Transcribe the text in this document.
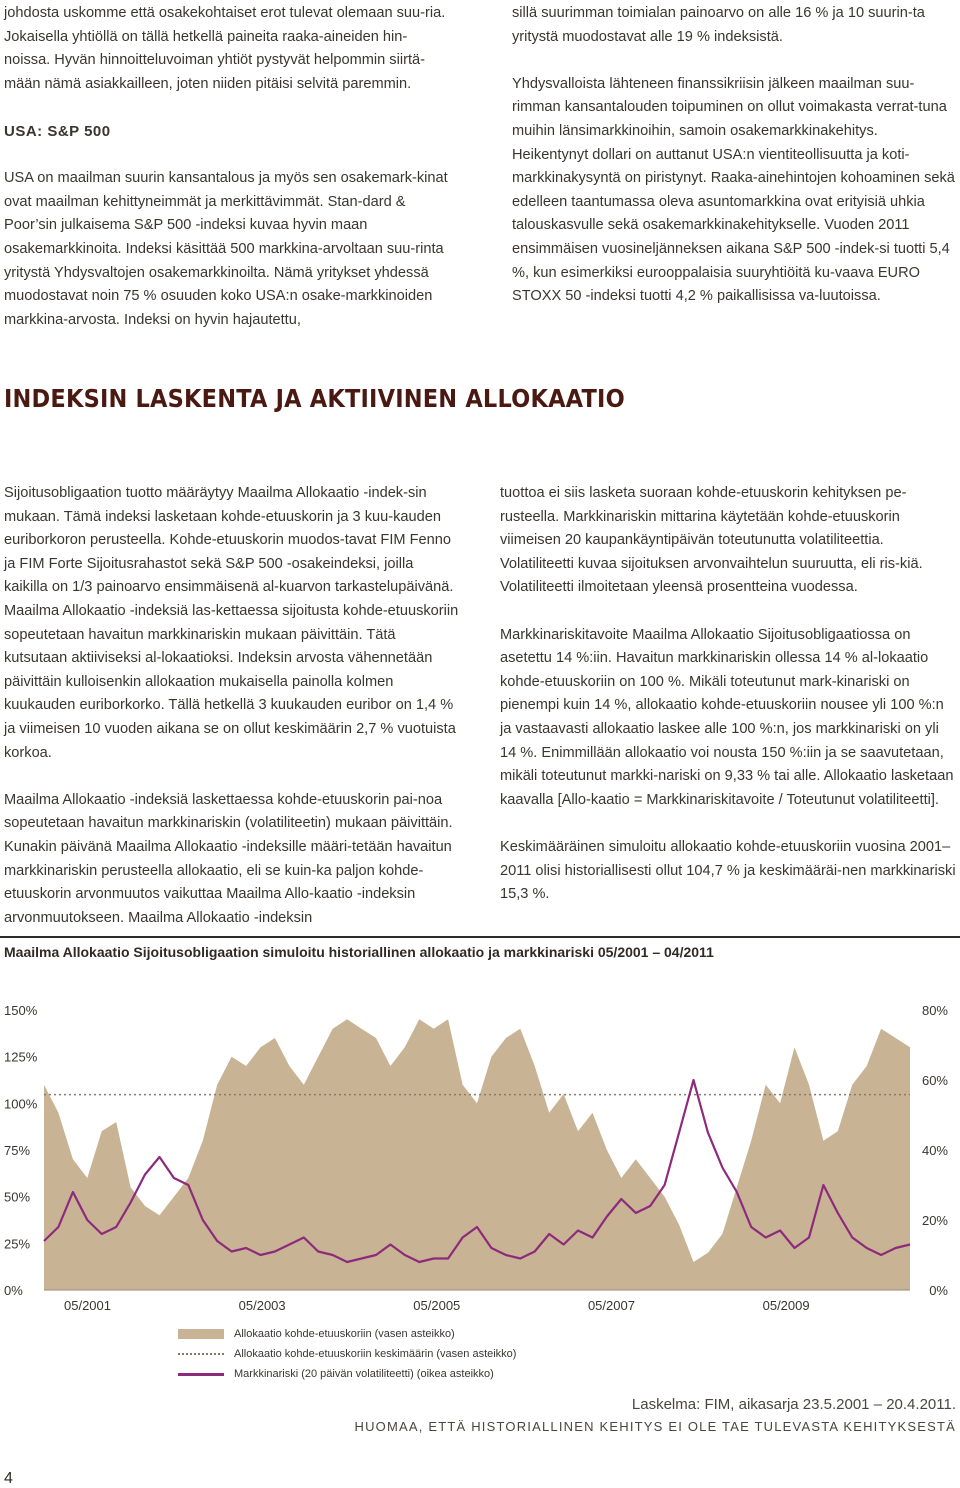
johdosta uskomme että osakekohtaiset erot tulevat olemaan suu-ria. Jokaisella yhtiöllä on tällä hetkellä paineita raaka-aineiden hin-noissa. Hyvän hinnoitteluvoiman yhtiöt pystyvät helpommin siirtä-mään nämä asiakkailleen, joten niiden pitäisi selvitä paremmin.

USA: S&P 500

USA on maailman suurin kansantalous ja myös sen osakemark-kinat ovat maailman kehittyneimmät ja merkittävimmät. Stan-dard & Poor’sin julkaisema S&P 500 -indeksi kuvaa hyvin maan osakemarkkinoita. Indeksi käsittää 500 markkina-arvoltaan suu-rinta yritystä Yhdysvaltojen osakemarkkinoilta. Nämä yritykset yhdessä muodostavat noin 75 % osuuden koko USA:n osake-markkinoiden markkina-arvosta. Indeksi on hyvin hajautettu,

sillä suurimman toimialan painoarvo on alle 16 % ja 10 suurin-ta yritystä muodostavat alle 19 % indeksistä.

Yhdysvalloista lähteneen finanssikriisin jälkeen maailman suu-rimman kansantalouden toipuminen on ollut voimakasta verrat-tuna muihin länsimarkkinoihin, samoin osakemarkkinakehitys. Heikentynyt dollari on auttanut USA:n vientiteollisuutta ja koti-markkinakysyntä on piristynyt. Raaka-ainehintojen kohoaminen sekä edelleen taantumassa oleva asuntomarkkina ovat erityisiä uhkia talouskasvulle sekä osakemarkkinakehitykselle. Vuoden 2011 ensimmäisen vuosineljänneksen aikana S&P 500 -indek-si tuotti 5,4 %, kun esimerkiksi eurooppalaisia suuryhtiöitä ku-vaava EURO STOXX 50 -indeksi tuotti 4,2 % paikallisissa va-luutoissa.

INDEKSIN LASKENTA JA AKTIIVINEN ALLOKAATIO

Sijoitusobligaation tuotto määräytyy Maailma Allokaatio -indek-sin mukaan. Tämä indeksi lasketaan kohde-etuuskorin ja 3 kuu-kauden euriborkoron perusteella. Kohde-etuuskorin muodos-tavat FIM Fenno ja FIM Forte Sijoitusrahastot sekä S&P 500 -osakeindeksi, joilla kaikilla on 1/3 painoarvo ensimmäisenä al-kuarvon tarkastelupäivänä. Maailma Allokaatio -indeksiä las-kettaessa sijoitusta kohde-etuuskoriin sopeutetaan havaitun markkinariskin mukaan päivittäin. Tätä kutsutaan aktiiviseksi al-lokaatioksi. Indeksin arvosta vähennetään päivittäin kulloisenkin allokaation mukaisella painolla kolmen kuukauden euriborkorko. Tällä hetkellä 3 kuukauden euribor on 1,4 % ja viimeisen 10 vuoden aikana se on ollut keskimäärin 2,7 % vuotuista korkoa.

Maailma Allokaatio -indeksiä laskettaessa kohde-etuuskorin pai-noa sopeutetaan havaitun markkinariskin (volatiliteetin) mukaan päivittäin. Kunakin päivänä Maailma Allokaatio -indeksille määri-tetään havaitun markkinariskin perusteella allokaatio, eli se kuin-ka paljon kohde-etuuskorin arvonmuutos vaikuttaa Maailma Allo-kaatio -indeksin arvonmuutokseen. Maailma Allokaatio -indeksin

tuottoa ei siis lasketa suoraan kohde-etuuskorin kehityksen pe-rusteella. Markkinariskin mittarina käytetään kohde-etuuskorin viimeisen 20 kaupankäyntipäivän toteutunutta volatiliteettia. Volatiliteetti kuvaa sijoituksen arvonvaihtelun suuruutta, eli ris-kiä. Volatiliteetti ilmoitetaan yleensä prosentteina vuodessa.

Markkinariskitavoite Maailma Allokaatio Sijoitusobligaatiossa on asetettu 14 %:iin. Havaitun markkinariskin ollessa 14 % al-lokaatio kohde-etuuskoriin on 100 %. Mikäli toteutunut mark-kinariski on pienempi kuin 14 %, allokaatio kohde-etuuskoriin nousee yli 100 %:n ja vastaavasti allokaatio laskee alle 100 %:n, jos markkinariski on yli 14 %. Enimmillään allokaatio voi nousta 150 %:iin ja se saavutetaan, mikäli toteutunut markki-nariski on 9,33 % tai alle. Allokaatio lasketaan kaavalla [Allo-kaatio = Markkinariskitavoite / Toteutunut volatiliteetti].

Keskimääräinen simuloitu allokaatio kohde-etuuskoriin vuosina 2001–2011 olisi historiallisesti ollut 104,7 % ja keskimääräi-nen markkinariski 15,3 %.

Maailma Allokaatio Sijoitusobligaation simuloitu historiallinen allokaatio ja markkinariski 05/2001 – 04/2011
150%
125%
100%
75%
50%
25%
0%
80%
60%
40%
20%
0%
05/2001	05/2003	05/2005	05/2007	05/2009
Allokaatio kohde-etuuskoriin (vasen asteikko)
Allokaatio kohde-etuuskoriin keskimäärin (vasen asteikko)
Markkinariski (20 päivän volatiliteetti) (oikea asteikko)
Laskelma: FIM, aikasarja 23.5.2001 – 20.4.2011.
HUOMAA, ETTÄ HISTORIALLINEN KEHITYS EI OLE TAE TULEVASTA KEHITYKSESTÄ
4
